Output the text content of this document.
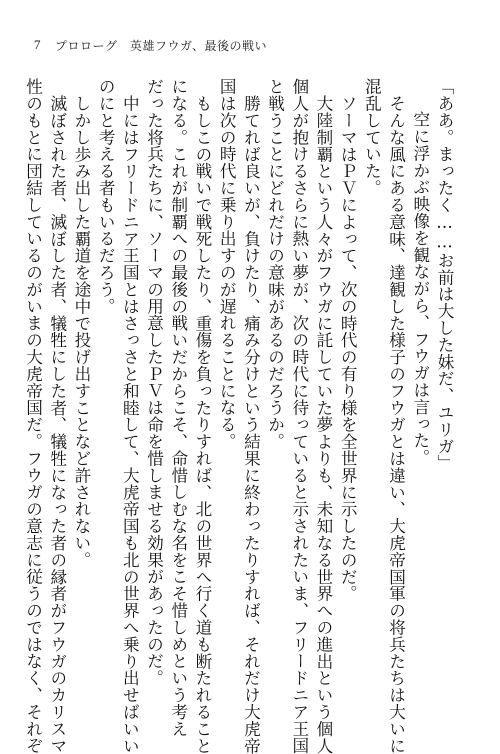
7 プロローグ　英雄フウガ、最後の戦い
「ああ。まったく……お前は大した妹だ、ユリガ」
空に浮かぶ映像を観ながら、フウガは言った。
そんな風にある意味、達観した様子のフウガとは違い、大虎帝国軍の将兵たちは大いに
混乱していた。
ソーマはＰＶによって、次の時代の有り様を全世界に示したのだ。
大陸制覇という人々がフウガに託していた夢よりも、未知なる世界への進出という個人
個人が抱けるさらに熱い夢が、次の時代に待っていると示されたいま、フリードニア王国
と戦うことにどれだけの意味があるのだろうか。
勝てれば良いが、負けたり、痛み分けという結果に終わったりすれば、それだけ大虎帝
国は次の時代に乗り出すのが遅れることになる。
もしこの戦いで戦死したり、重傷を負ったりすれば、北の世界へ行く道も断たれること
になる。これが制覇への最後の戦いだからこそ、命惜しむな名をこそ惜しめという考え
だった将兵たちに、ソーマの用意したＰＶは命を惜しませる効果があったのだ。
中にはフリードニア王国とはさっさと和睦して、大虎帝国も北の世界へ乗り出せばいい
のにと考える者もいるだろう。
しかし歩み出した覇道を途中で投げ出すことなど許されない。
滅ぼされた者、滅ぼした者、犠牲にした者、犠牲になった者の縁者がフウガのカリスマ
性のもとに団結しているのがいまの大虎帝国だ。フウガの意志に従うのではなく、それぞ
